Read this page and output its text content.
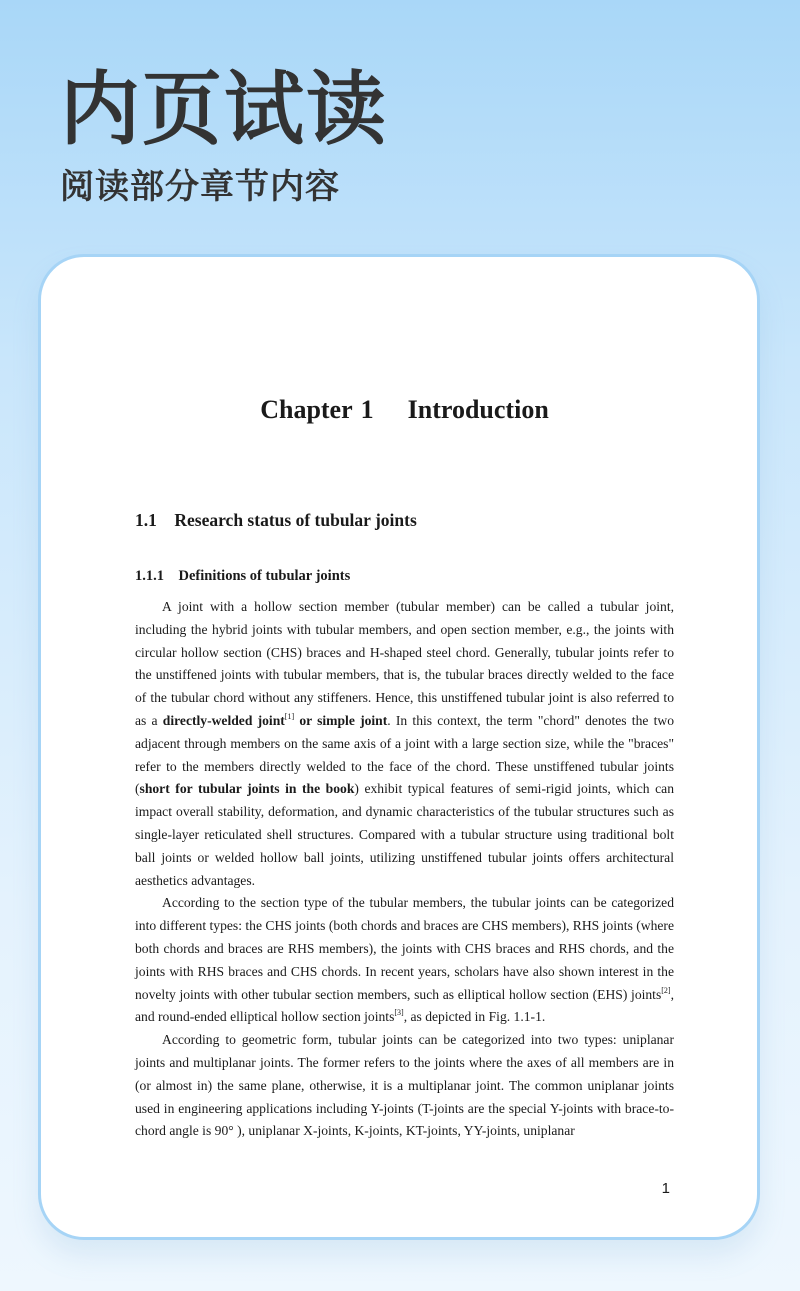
内页试读
阅读部分章节内容
Chapter 1    Introduction
1.1    Research status of tubular joints
1.1.1    Definitions of tubular joints

A joint with a hollow section member (tubular member) can be called a tubular joint, including the hybrid joints with tubular members, and open section member, e.g., the joints with circular hollow section (CHS) braces and H-shaped steel chord. Generally, tubular joints refer to the unstiffened joints with tubular members, that is, the tubular braces directly welded to the face of the tubular chord without any stiffeners. Hence, this unstiffened tubular joint is also referred to as a directly-welded joint[1] or simple joint. In this context, the term "chord" denotes the two adjacent through members on the same axis of a joint with a large section size, while the "braces" refer to the members directly welded to the face of the chord. These unstiffened tubular joints (short for tubular joints in the book) exhibit typical features of semi-rigid joints, which can impact overall stability, deformation, and dynamic characteristics of the tubular structures such as single-layer reticulated shell structures. Compared with a tubular structure using traditional bolt ball joints or welded hollow ball joints, utilizing unstiffened tubular joints offers architectural aesthetics advantages.

According to the section type of the tubular members, the tubular joints can be categorized into different types: the CHS joints (both chords and braces are CHS members), RHS joints (where both chords and braces are RHS members), the joints with CHS braces and RHS chords, and the joints with RHS braces and CHS chords. In recent years, scholars have also shown interest in the novelty joints with other tubular section members, such as elliptical hollow section (EHS) joints[2], and round-ended elliptical hollow section joints[3], as depicted in Fig. 1.1-1.

According to geometric form, tubular joints can be categorized into two types: uniplanar joints and multiplanar joints. The former refers to the joints where the axes of all members are in (or almost in) the same plane, otherwise, it is a multiplanar joint. The common uniplanar joints used in engineering applications including Y-joints (T-joints are the special Y-joints with brace-to-chord angle is 90° ), uniplanar X-joints, K-joints, KT-joints, YY-joints, uniplanar

1
